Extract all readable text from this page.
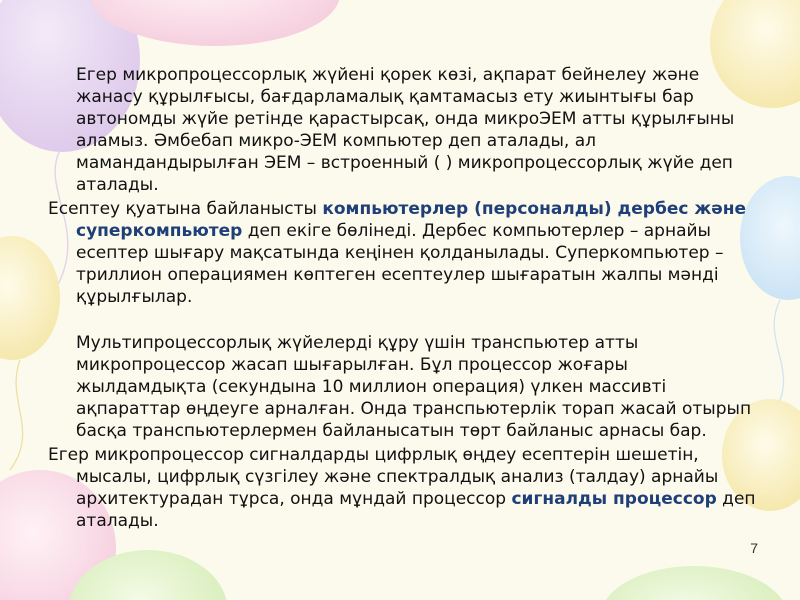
Егер микропроцессорлық жүйені қорек көзі, ақпарат бейнелеу және жанасу құрылғысы, бағдарламалық қамтамасыз ету жиынтығы бар автономды жүйе ретінде қарастырсақ, онда микроЭЕМ атты құрылғыны аламыз. Әмбебап микро-ЭЕМ компьютер деп аталады, ал мамандандырылған ЭЕМ – встроенный ( ) микропроцессорлық жүйе деп аталады.

Есептеу қуатына байланысты компьютерлер (персоналды) дербес және суперкомпьютер деп екіге бөлінеді. Дербес компьютерлер – арнайы есептер шығару мақсатында кеңінен қолданылады. Суперкомпьютер – триллион операциямен көптеген есептеулер шығаратын жалпы мәнді құрылғылар.

Мультипроцессорлық жүйелерді құру үшін транспьютер атты микропроцессор жасап шығарылған. Бұл процессор жоғары жылдамдықта (секундына 10 миллион операция) үлкен массивті ақпараттар өңдеуге арналған. Онда транспьютерлік торап жасай отырып басқа транспьютерлермен байланысатын төрт байланыс арнасы бар.

Егер микропроцессор сигналдарды цифрлық өңдеу есептерін шешетін, мысалы, цифрлық сүзгілеу және спектралдық анализ (талдау) арнайы архитектурадан тұрса, онда мұндай процессор сигналды процессор деп аталады.

7
